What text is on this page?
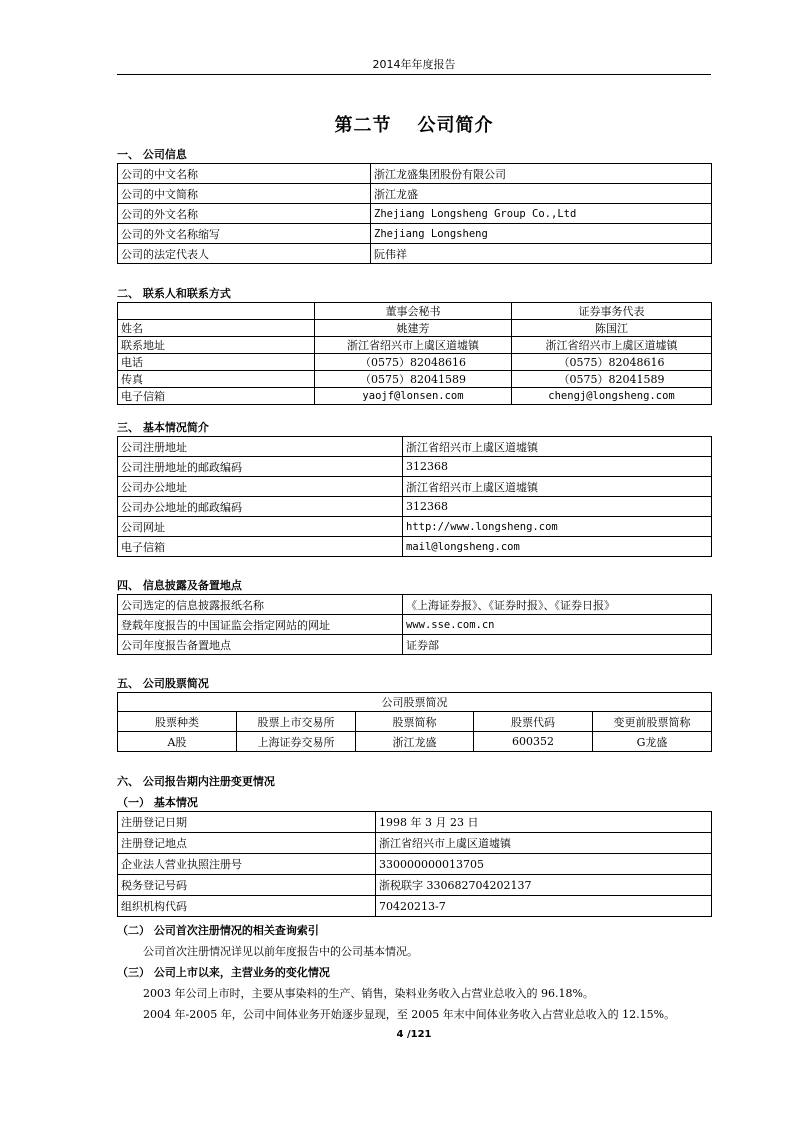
2014年年度报告
第二节 公司简介
一、 公司信息
公司的中文名称	浙江龙盛集团股份有限公司
公司的中文简称	浙江龙盛
公司的外文名称	Zhejiang Longsheng Group Co.,Ltd
公司的外文名称缩写	Zhejiang Longsheng
公司的法定代表人	阮伟祥
二、 联系人和联系方式
	董事会秘书	证券事务代表
姓名	姚建芳	陈国江
联系地址	浙江省绍兴市上虞区道墟镇	浙江省绍兴市上虞区道墟镇
电话	（0575）82048616	（0575）82048616
传真	（0575）82041589	（0575）82041589
电子信箱	yaojf@lonsen.com	chengj@longsheng.com
三、 基本情况简介
公司注册地址	浙江省绍兴市上虞区道墟镇
公司注册地址的邮政编码	312368
公司办公地址	浙江省绍兴市上虞区道墟镇
公司办公地址的邮政编码	312368
公司网址	http://www.longsheng.com
电子信箱	mail@longsheng.com
四、 信息披露及备置地点
公司选定的信息披露报纸名称	《上海证券报》、《证券时报》、《证券日报》
登载年度报告的中国证监会指定网站的网址	www.sse.com.cn
公司年度报告备置地点	证券部
五、 公司股票简况
公司股票简况				
股票种类	股票上市交易所	股票简称	股票代码	变更前股票简称
A股	上海证券交易所	浙江龙盛	600352	G龙盛
六、 公司报告期内注册变更情况
（一） 基本情况
注册登记日期	1998 年 3 月 23 日
注册登记地点	浙江省绍兴市上虞区道墟镇
企业法人营业执照注册号	330000000013705
税务登记号码	浙税联字 330682704202137
组织机构代码	70420213-7
（二） 公司首次注册情况的相关查询索引
公司首次注册情况详见以前年度报告中的公司基本情况。
（三） 公司上市以来，主营业务的变化情况
2003 年公司上市时，主要从事染料的生产、销售，染料业务收入占营业总收入的 96.18%。
2004 年-2005 年，公司中间体业务开始逐步显现，至 2005 年末中间体业务收入占营业总收入的 12.15%。
4 /121
